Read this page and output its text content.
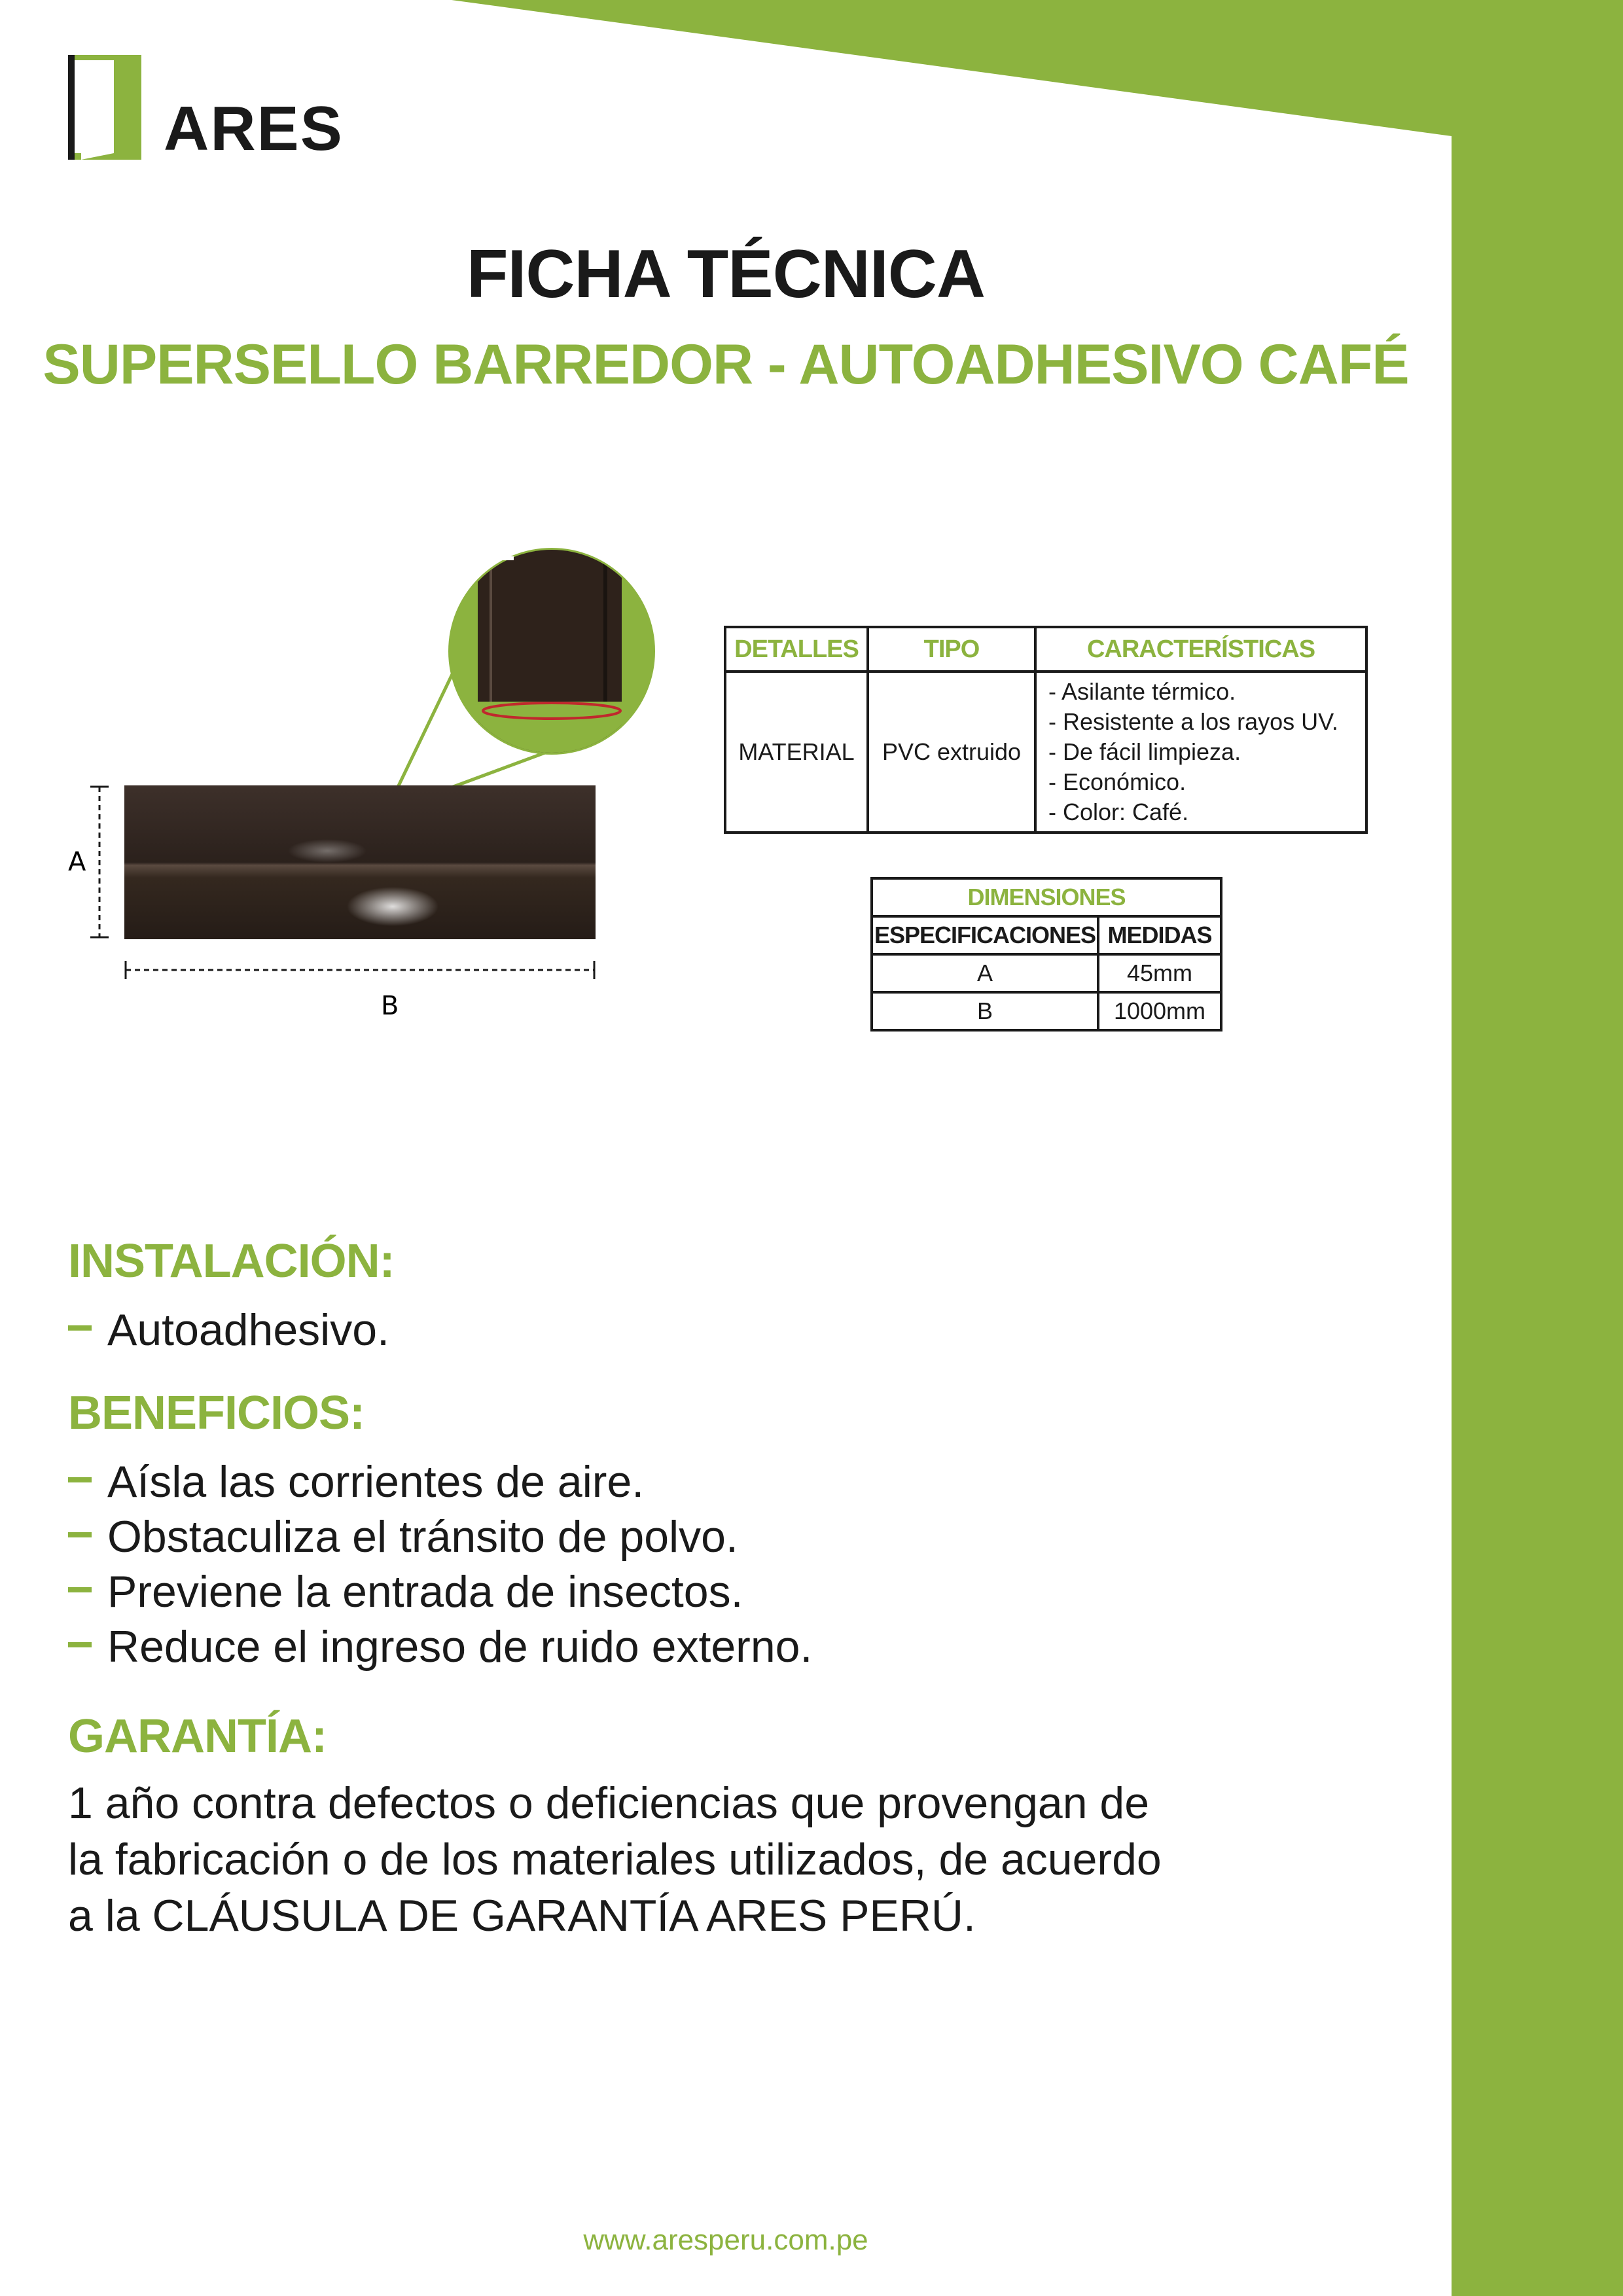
ARES
FICHA TÉCNICA
SUPERSELLO BARREDOR - AUTOADHESIVO CAFÉ
A
B
DETALLES	TIPO	CARACTERÍSTICAS
MATERIAL	PVC extruido	- Asilante térmico.
- Resistente a los rayos UV.
- De fácil limpieza.
- Económico.
- Color: Café.
DIMENSIONES	
ESPECIFICACIONES	MEDIDAS
A	45mm
B	1000mm
INSTALACIÓN:
Autoadhesivo.
BENEFICIOS:
Aísla las corrientes de aire.
Obstaculiza el tránsito de polvo.
Previene la entrada de insectos.
Reduce el ingreso de ruido externo.
GARANTÍA:
1 año contra defectos o deficiencias que provengan de
la fabricación o de los materiales utilizados, de acuerdo
a la CLÁUSULA DE GARANTÍA ARES PERÚ.
www.aresperu.com.pe
